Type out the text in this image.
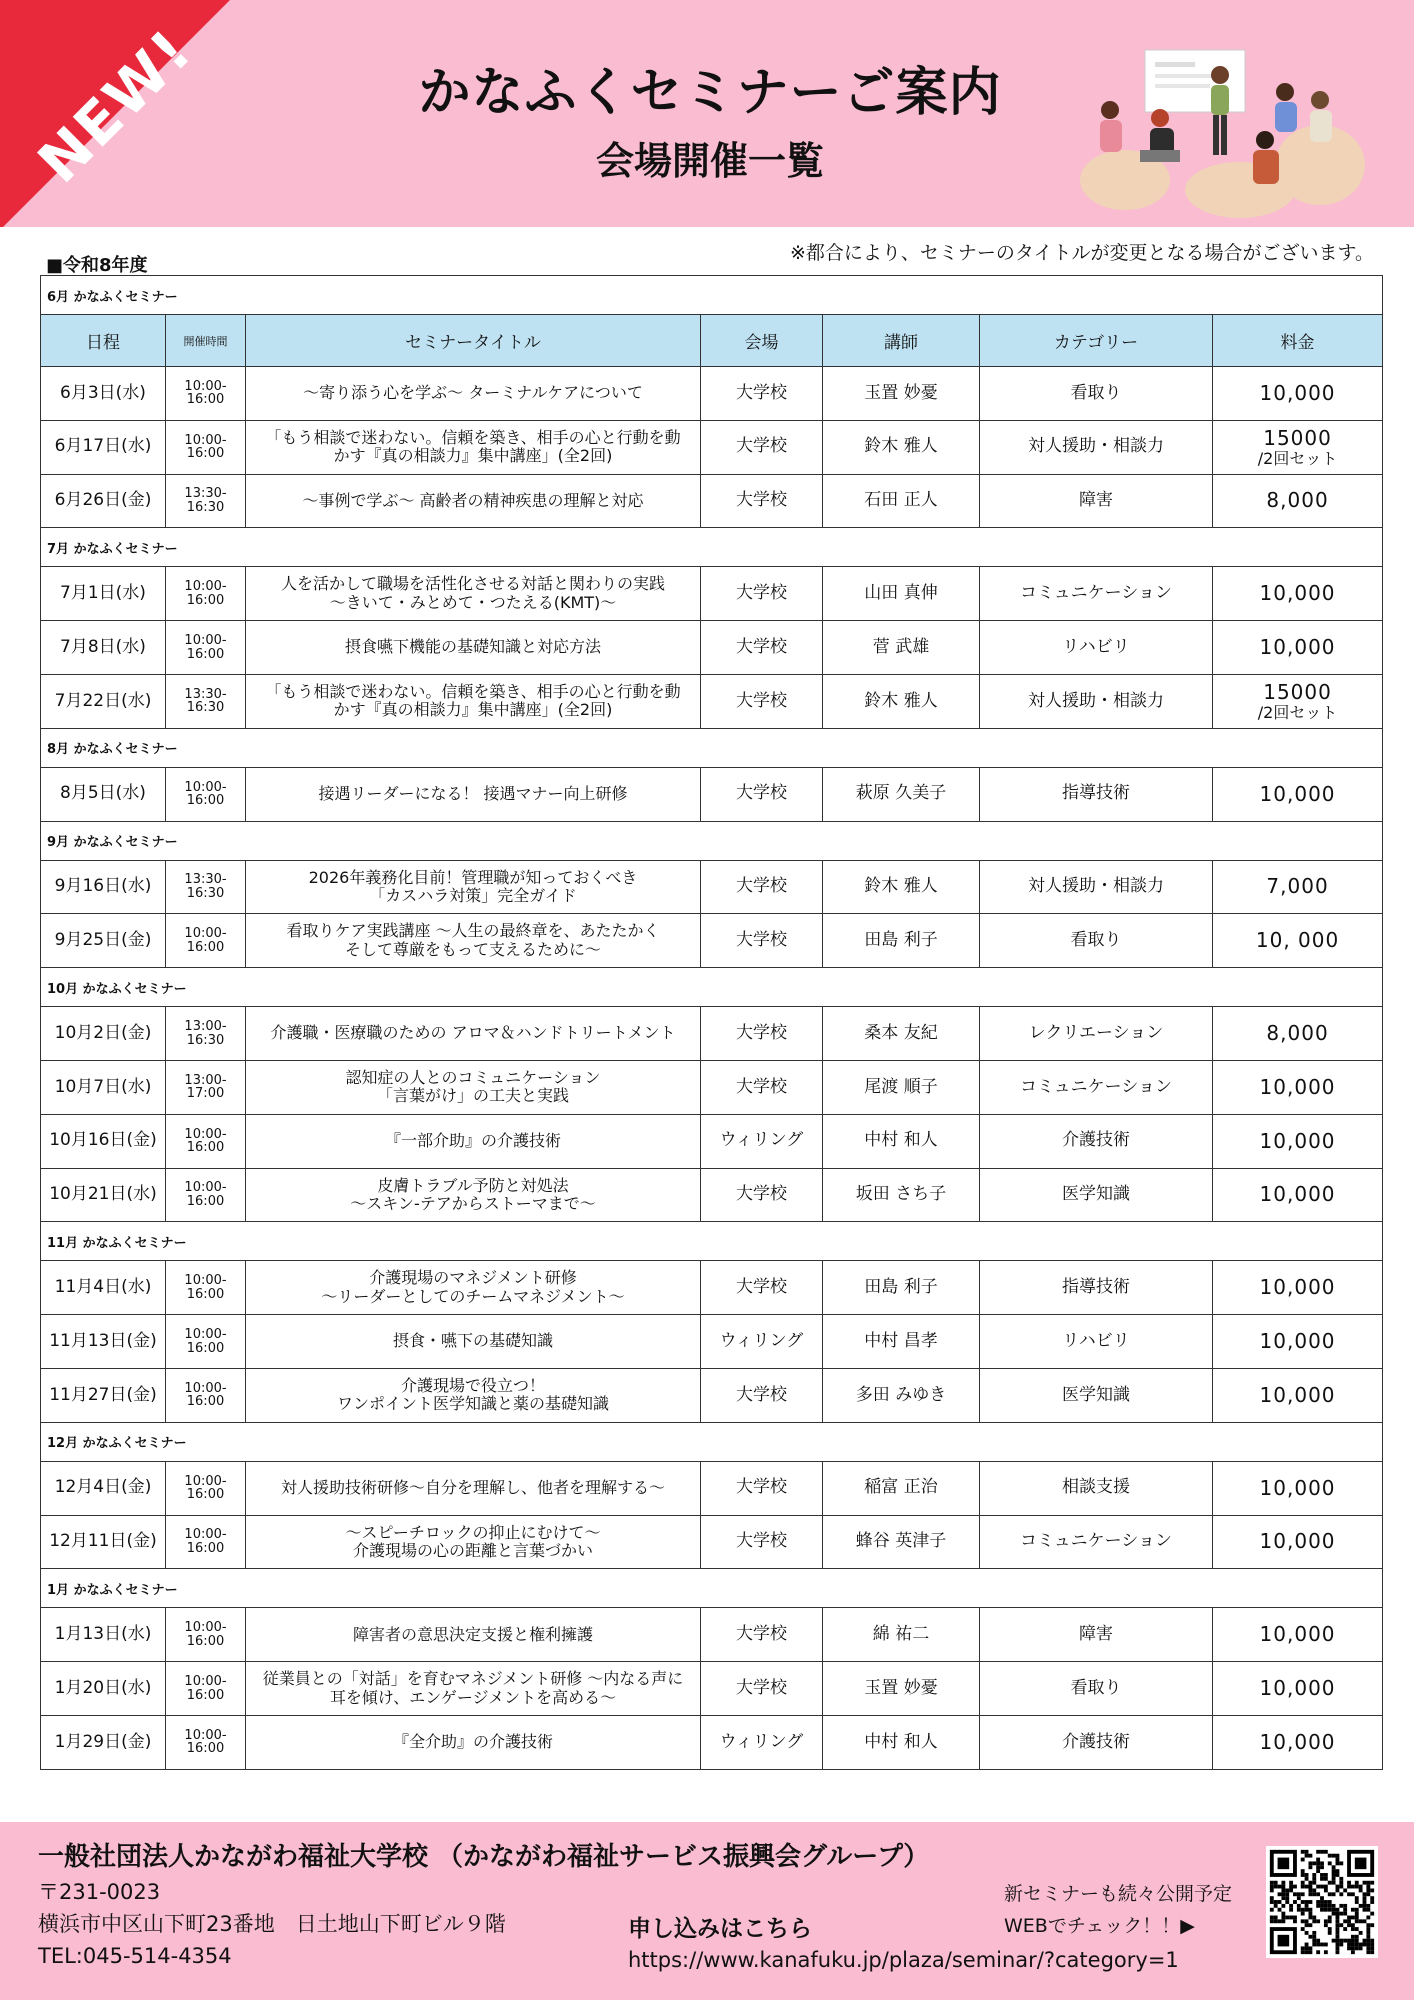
NEW!	かなふくセミナーご案内
会場開催一覧
■令和8年度
※都合により、セミナーのタイトルが変更となる場合がございます。
6月 かなふくセミナー						
日程	開催時間	セミナータイトル	会場	講師	カテゴリー	料金
6月3日(水)	10:00-
16:00	～寄り添う心を学ぶ～ ターミナルケアについて	大学校	玉置 妙憂	看取り	10,000
6月17日(水)	10:00-
16:00	「もう相談で迷わない。信頼を築き、相手の心と行動を動
かす『真の相談力』集中講座」(全2回)	大学校	鈴木 雅人	対人援助・相談力	15000
/2回セット

6月26日(金)	13:30-
16:30	～事例で学ぶ～ 高齢者の精神疾患の理解と対応	大学校	石田 正人	障害	8,000
7月 かなふくセミナー						
7月1日(水)	10:00-
16:00	人を活かして職場を活性化させる対話と関わりの実践
～きいて・みとめて・つたえる(KMT)～	大学校	山田 真伸	コミュニケーション	10,000
7月8日(水)	10:00-
16:00	摂食嚥下機能の基礎知識と対応方法	大学校	菅 武雄	リハビリ	10,000
7月22日(水)	13:30-
16:30	「もう相談で迷わない。信頼を築き、相手の心と行動を動
かす『真の相談力』集中講座」(全2回)	大学校	鈴木 雅人	対人援助・相談力	15000
/2回セット

8月 かなふくセミナー						
8月5日(水)	10:00-
16:00	接遇リーダーになる！ 接遇マナー向上研修	大学校	萩原 久美子	指導技術	10,000
9月 かなふくセミナー						
9月16日(水)	13:30-
16:30	2026年義務化目前！管理職が知っておくべき
「カスハラ対策」完全ガイド	大学校	鈴木 雅人	対人援助・相談力	7,000
9月25日(金)	10:00-
16:00	看取りケア実践講座 ～人生の最終章を、あたたかく
そして尊厳をもって支えるために～	大学校	田島 利子	看取り	10, 000
10月 かなふくセミナー						
10月2日(金)	13:00-
16:30	介護職・医療職のための アロマ＆ハンドトリートメント	大学校	桑本 友紀	レクリエーション	8,000
10月7日(水)	13:00-
17:00	認知症の人とのコミュニケーション
「言葉がけ」の工夫と実践	大学校	尾渡 順子	コミュニケーション	10,000
10月16日(金)	10:00-
16:00	『一部介助』の介護技術	ウィリング	中村 和人	介護技術	10,000
10月21日(水)	10:00-
16:00	皮膚トラブル予防と対処法
～スキン-テアからストーマまで～	大学校	坂田 さち子	医学知識	10,000
11月 かなふくセミナー						
11月4日(水)	10:00-
16:00	介護現場のマネジメント研修
～リーダーとしてのチームマネジメント～	大学校	田島 利子	指導技術	10,000
11月13日(金)	10:00-
16:00	摂食・嚥下の基礎知識	ウィリング	中村 昌孝	リハビリ	10,000
11月27日(金)	10:00-
16:00	介護現場で役立つ！
ワンポイント医学知識と薬の基礎知識	大学校	多田 みゆき	医学知識	10,000
12月 かなふくセミナー						
12月4日(金)	10:00-
16:00	対人援助技術研修～自分を理解し、他者を理解する～	大学校	稲富 正治	相談支援	10,000
12月11日(金)	10:00-
16:00	～スピーチロックの抑止にむけて～
介護現場の心の距離と言葉づかい	大学校	蜂谷 英津子	コミュニケーション	10,000
1月 かなふくセミナー						
1月13日(水)	10:00-
16:00	障害者の意思決定支援と権利擁護	大学校	綿 祐二	障害	10,000
1月20日(水)	10:00-
16:00	従業員との「対話」を育むマネジメント研修 ～内なる声に
耳を傾け、エンゲージメントを高める～	大学校	玉置 妙憂	看取り	10,000
1月29日(金)	10:00-
16:00	『全介助』の介護技術	ウィリング	中村 和人	介護技術	10,000
一般社団法人かながわ福祉大学校 （かながわ福祉サービス振興会グループ）
〒231-0023
横浜市中区山下町23番地　日土地山下町ビル９階
TEL:045-514-4354
申し込みはこちら
https://www.kanafuku.jp/plaza/seminar/?category=1
新セミナーも続々公開予定
WEBでチェック！！▶
